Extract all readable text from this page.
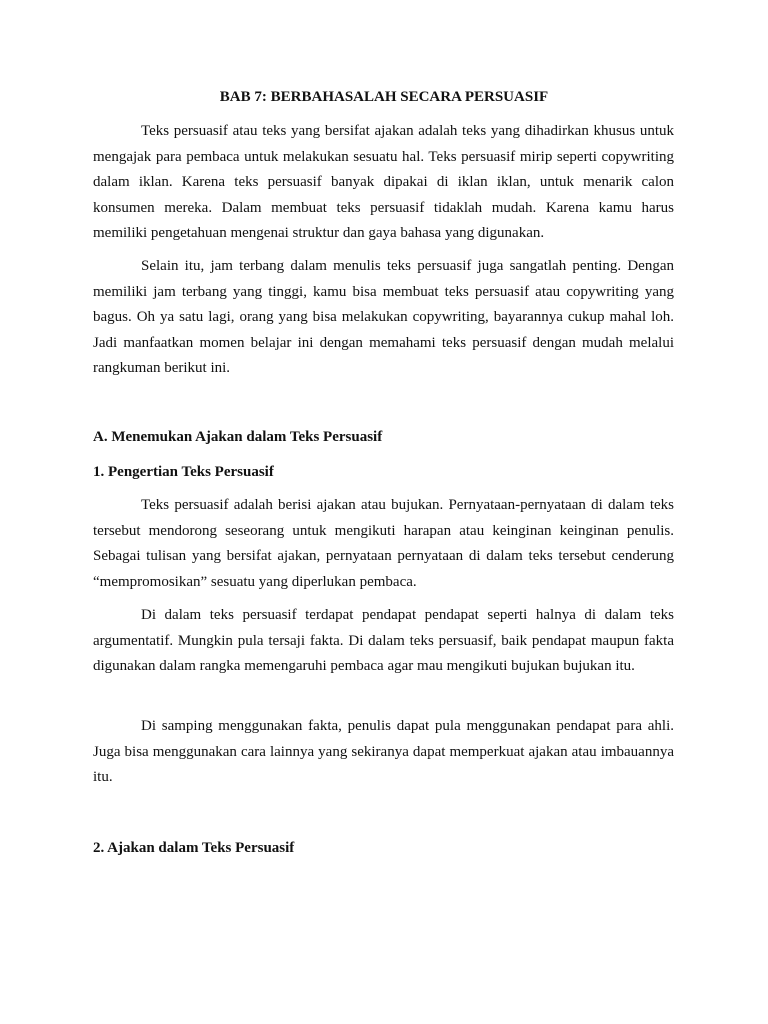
BAB 7: BERBAHASALAH SECARA PERSUASIF

Teks persuasif atau teks yang bersifat ajakan adalah teks yang dihadirkan khusus untuk mengajak para pembaca untuk melakukan sesuatu hal. Teks persuasif mirip seperti copywriting dalam iklan. Karena teks persuasif banyak dipakai di iklan iklan, untuk menarik calon konsumen mereka. Dalam membuat teks persuasif tidaklah mudah. Karena kamu harus memiliki pengetahuan mengenai struktur dan gaya bahasa yang digunakan.

Selain itu, jam terbang dalam menulis teks persuasif juga sangatlah penting. Dengan memiliki jam terbang yang tinggi, kamu bisa membuat teks persuasif atau copywriting yang bagus. Oh ya satu lagi, orang yang bisa melakukan copywriting, bayarannya cukup mahal loh. Jadi manfaatkan momen belajar ini dengan memahami teks persuasif dengan mudah melalui rangkuman berikut ini.

A. Menemukan Ajakan dalam Teks Persuasif
1. Pengertian Teks Persuasif

Teks persuasif adalah berisi ajakan atau bujukan. Pernyataan-pernyataan di dalam teks tersebut mendorong seseorang untuk mengikuti harapan atau keinginan keinginan penulis. Sebagai tulisan yang bersifat ajakan, pernyataan pernyataan di dalam teks tersebut cenderung “mempromosikan” sesuatu yang diperlukan pembaca.

Di dalam teks persuasif terdapat pendapat pendapat seperti halnya di dalam teks argumentatif. Mungkin pula tersaji fakta. Di dalam teks persuasif, baik pendapat maupun fakta digunakan dalam rangka memengaruhi pembaca agar mau mengikuti bujukan bujukan itu.

Di samping menggunakan fakta, penulis dapat pula menggunakan pendapat para ahli. Juga bisa menggunakan cara lainnya yang sekiranya dapat memperkuat ajakan atau imbauannya itu.

2. Ajakan dalam Teks Persuasif
